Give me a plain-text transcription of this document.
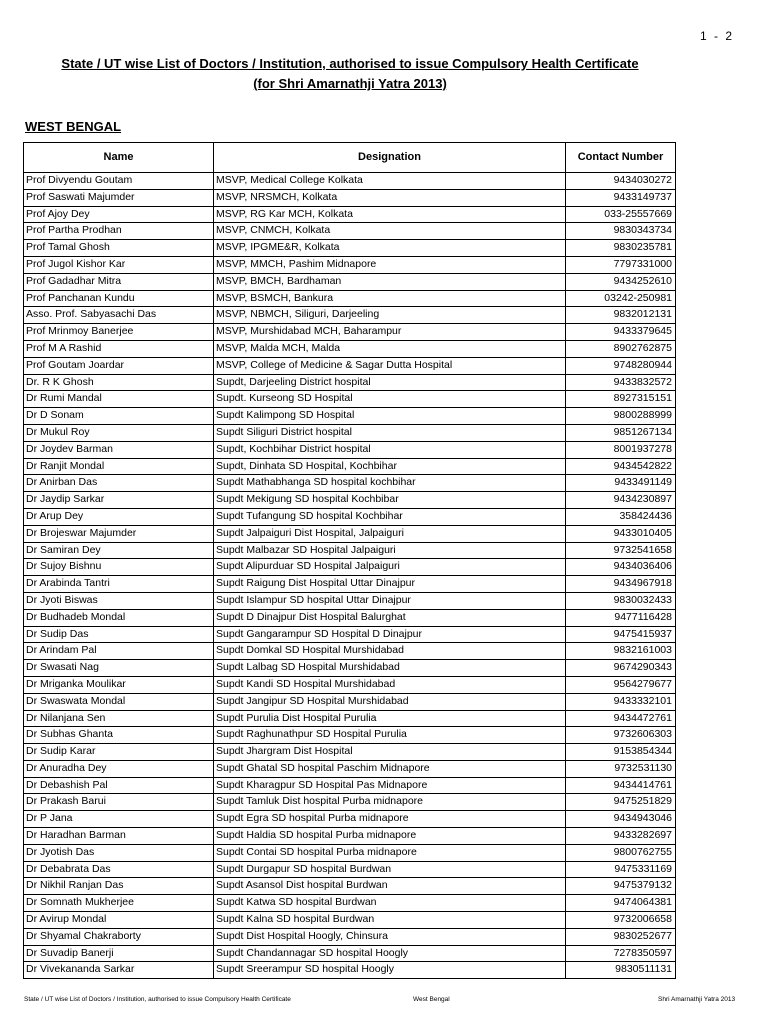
1 - 2
State / UT wise List of Doctors / Institution, authorised to issue Compulsory Health Certificate
(for Shri Amarnathji Yatra 2013)
WEST BENGAL
Name	Designation	Contact Number
Prof Divyendu Goutam	MSVP, Medical College Kolkata	9434030272
Prof Saswati Majumder	MSVP, NRSMCH, Kolkata	9433149737
Prof Ajoy Dey	MSVP, RG Kar MCH, Kolkata	033-25557669
Prof Partha Prodhan	MSVP, CNMCH, Kolkata	9830343734
Prof Tamal Ghosh	MSVP, IPGME&R, Kolkata	9830235781
Prof Jugol Kishor Kar	MSVP, MMCH, Pashim Midnapore	7797331000
Prof Gadadhar Mitra	MSVP, BMCH, Bardhaman	9434252610
Prof Panchanan Kundu	MSVP, BSMCH, Bankura	03242-250981
Asso. Prof. Sabyasachi Das	MSVP, NBMCH, Siliguri, Darjeeling	9832012131
Prof Mrinmoy Banerjee	MSVP, Murshidabad MCH, Baharampur	9433379645
Prof M A Rashid	MSVP, Malda MCH, Malda	8902762875
Prof Goutam Joardar	MSVP, College of Medicine & Sagar Dutta Hospital	9748280944
Dr. R K Ghosh	Supdt, Darjeeling District hospital	9433832572
Dr Rumi Mandal	Supdt. Kurseong SD Hospital	8927315151
Dr D Sonam	Supdt Kalimpong SD Hospital	9800288999
Dr Mukul Roy	Supdt Siliguri District hospital	9851267134
Dr Joydev Barman	Supdt, Kochbihar District hospital	8001937278
Dr Ranjit Mondal	Supdt, Dinhata SD Hospital, Kochbihar	9434542822
Dr Anirban Das	Supdt Mathabhanga SD hospital kochbihar	9433491149
Dr Jaydip Sarkar	Supdt Mekigung SD hospital Kochbibar	9434230897
Dr Arup Dey	Supdt Tufangung SD hospital Kochbihar	358424436
Dr Brojeswar Majumder	Supdt Jalpaiguri Dist Hospital, Jalpaiguri	9433010405
Dr Samiran Dey	Supdt Malbazar SD Hospital Jalpaiguri	9732541658
Dr Sujoy Bishnu	Supdt Alipurduar SD Hospital Jalpaiguri	9434036406
Dr Arabinda Tantri	Supdt Raigung Dist Hospital Uttar Dinajpur	9434967918
Dr Jyoti Biswas	Supdt Islampur SD hospital Uttar Dinajpur	9830032433
Dr Budhadeb Mondal	Supdt D Dinajpur Dist Hospital Balurghat	9477116428
Dr Sudip Das	Supdt Gangarampur SD Hospital D Dinajpur	9475415937
Dr Arindam Pal	Supdt Domkal SD Hospital Murshidabad	9832161003
Dr Swasati Nag	Supdt Lalbag SD Hospital Murshidabad	9674290343
Dr Mriganka Moulikar	Supdt Kandi SD Hospital Murshidabad	9564279677
Dr Swaswata Mondal	Supdt Jangipur SD Hospital Murshidabad	9433332101
Dr Nilanjana Sen	Supdt Purulia Dist Hospital Purulia	9434472761
Dr Subhas Ghanta	Supdt Raghunathpur SD Hospital Purulia	9732606303
Dr Sudip Karar	Supdt Jhargram Dist Hospital	9153854344
Dr Anuradha Dey	Supdt Ghatal SD hospital Paschim Midnapore	9732531130
Dr Debashish Pal	Supdt Kharagpur SD Hospital Pas Midnapore	9434414761
Dr Prakash Barui	Supdt Tamluk Dist hospital Purba midnapore	9475251829
Dr P Jana	Supdt Egra SD hospital Purba midnapore	9434943046
Dr Haradhan Barman	Supdt Haldia SD hospital Purba midnapore	9433282697
Dr Jyotish Das	Supdt Contai SD hospital Purba midnapore	9800762755
Dr Debabrata Das	Supdt Durgapur SD hospital Burdwan	9475331169
Dr Nikhil Ranjan Das	Supdt Asansol Dist hospital Burdwan	9475379132
Dr Somnath Mukherjee	Supdt Katwa SD hospital Burdwan	9474064381
Dr Avirup Mondal	Supdt Kalna SD hospital Burdwan	9732006658
Dr Shyamal Chakraborty	Supdt Dist Hospital Hoogly, Chinsura	9830252677
Dr Suvadip Banerji	Supdt Chandannagar SD hospital Hoogly	7278350597
Dr Vivekananda Sarkar	Supdt Sreerampur SD hospital Hoogly	9830511131
State / UT wise List of Doctors / Institution, authorised to issue Compulsory Health Certificate	West Bengal	Shri Amarnathji Yatra 2013
